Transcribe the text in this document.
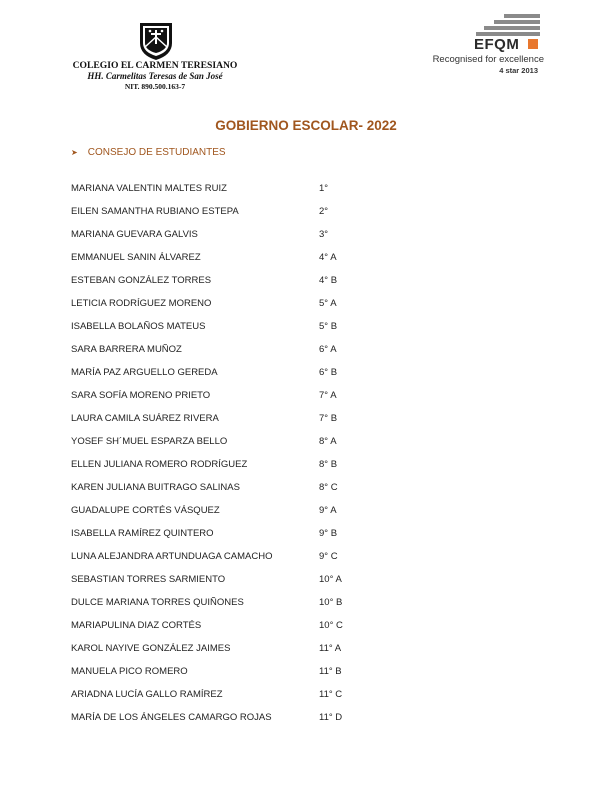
COLEGIO EL CARMEN TERESIANO
HH. Carmelitas Teresas de San José
NIT. 890.500.163-7
EFQM
Recognised for excellence
4 star 2013
GOBIERNO ESCOLAR- 2022
➤ CONSEJO DE ESTUDIANTES
MARIANA VALENTIN MALTES RUIZ	1°
EILEN SAMANTHA RUBIANO ESTEPA	2°
MARIANA GUEVARA GALVIS	3°
EMMANUEL SANIN ÁLVAREZ	4° A
ESTEBAN GONZÁLEZ TORRES	4° B
LETICIA RODRÍGUEZ MORENO	5° A
ISABELLA BOLAÑOS MATEUS	5° B
SARA BARRERA MUÑOZ	6° A
MARÍA PAZ ARGUELLO GEREDA	6° B
SARA SOFÍA MORENO PRIETO	7° A
LAURA CAMILA SUÁREZ RIVERA	7° B
YOSEF SH´MUEL ESPARZA BELLO	8° A
ELLEN JULIANA ROMERO RODRÍGUEZ	8° B
KAREN JULIANA BUITRAGO SALINAS	8° C
GUADALUPE CORTÉS VÁSQUEZ	9° A
ISABELLA RAMÍREZ QUINTERO	9° B
LUNA ALEJANDRA ARTUNDUAGA CAMACHO	9° C
SEBASTIAN TORRES SARMIENTO	10° A
DULCE MARIANA TORRES QUIÑONES	10° B
MARIAPULINA DIAZ CORTÉS	10° C
KAROL NAYIVE GONZÁLEZ JAIMES	11° A
MANUELA PICO ROMERO	11° B
ARIADNA LUCÍA GALLO RAMÍREZ	11° C
MARÍA DE LOS ÁNGELES CAMARGO ROJAS	11° D
